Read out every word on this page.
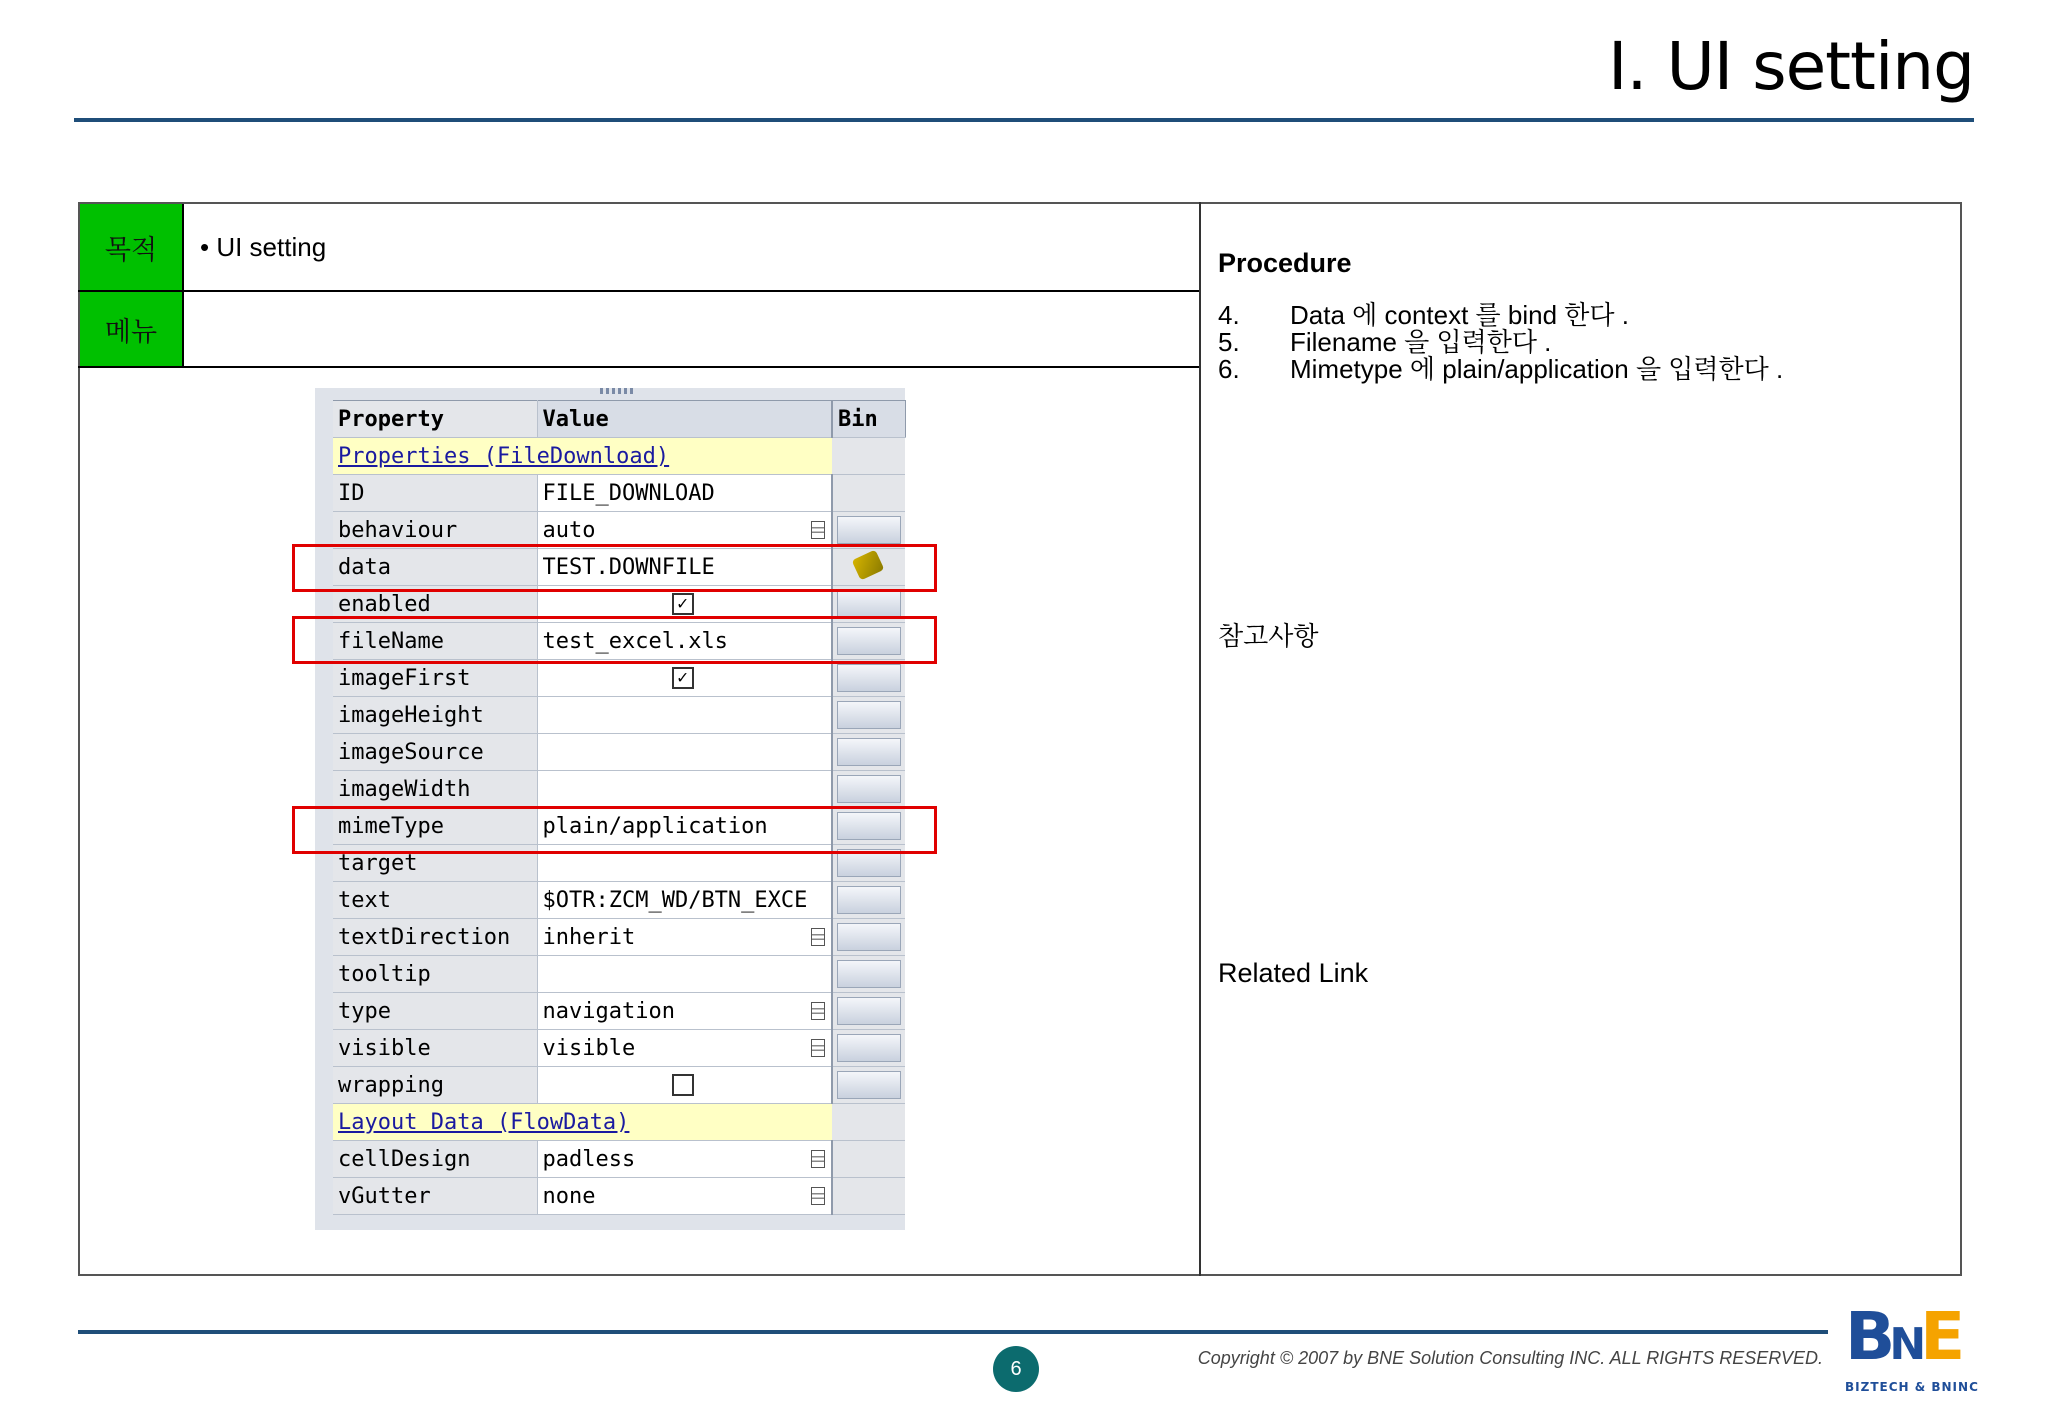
I. UI setting
목적	• UI setting
메뉴
Procedure
4.	Data 에 context 를 bind 한다 .
5.	Filename 을 입력한다 .
6.	Mimetype 에 plain/application 을 입력한다 .
참고사항
Related Link
Property	Value	Bin
Properties (FileDownload)		
ID	FILE_DOWNLOAD	
behaviour	auto

data	TEST.DOWNFILE	
enabled	✓	

fileName	test_excel.xls	

imageFirst	✓	

imageHeight		

imageSource		

imageWidth		

mimeType	plain/application	

target		

text	$OTR:ZCM_WD/BTN_EXCE	

textDirection	inherit

tooltip		

type	navigation

visible	visible

wrapping	

Layout Data (FlowData)		
cellDesign	padless

vGutter	none

6	Copyright © 2007 by BNE Solution Consulting INC. ALL RIGHTS RESERVED. BNE
BIZTECH & BNINC
